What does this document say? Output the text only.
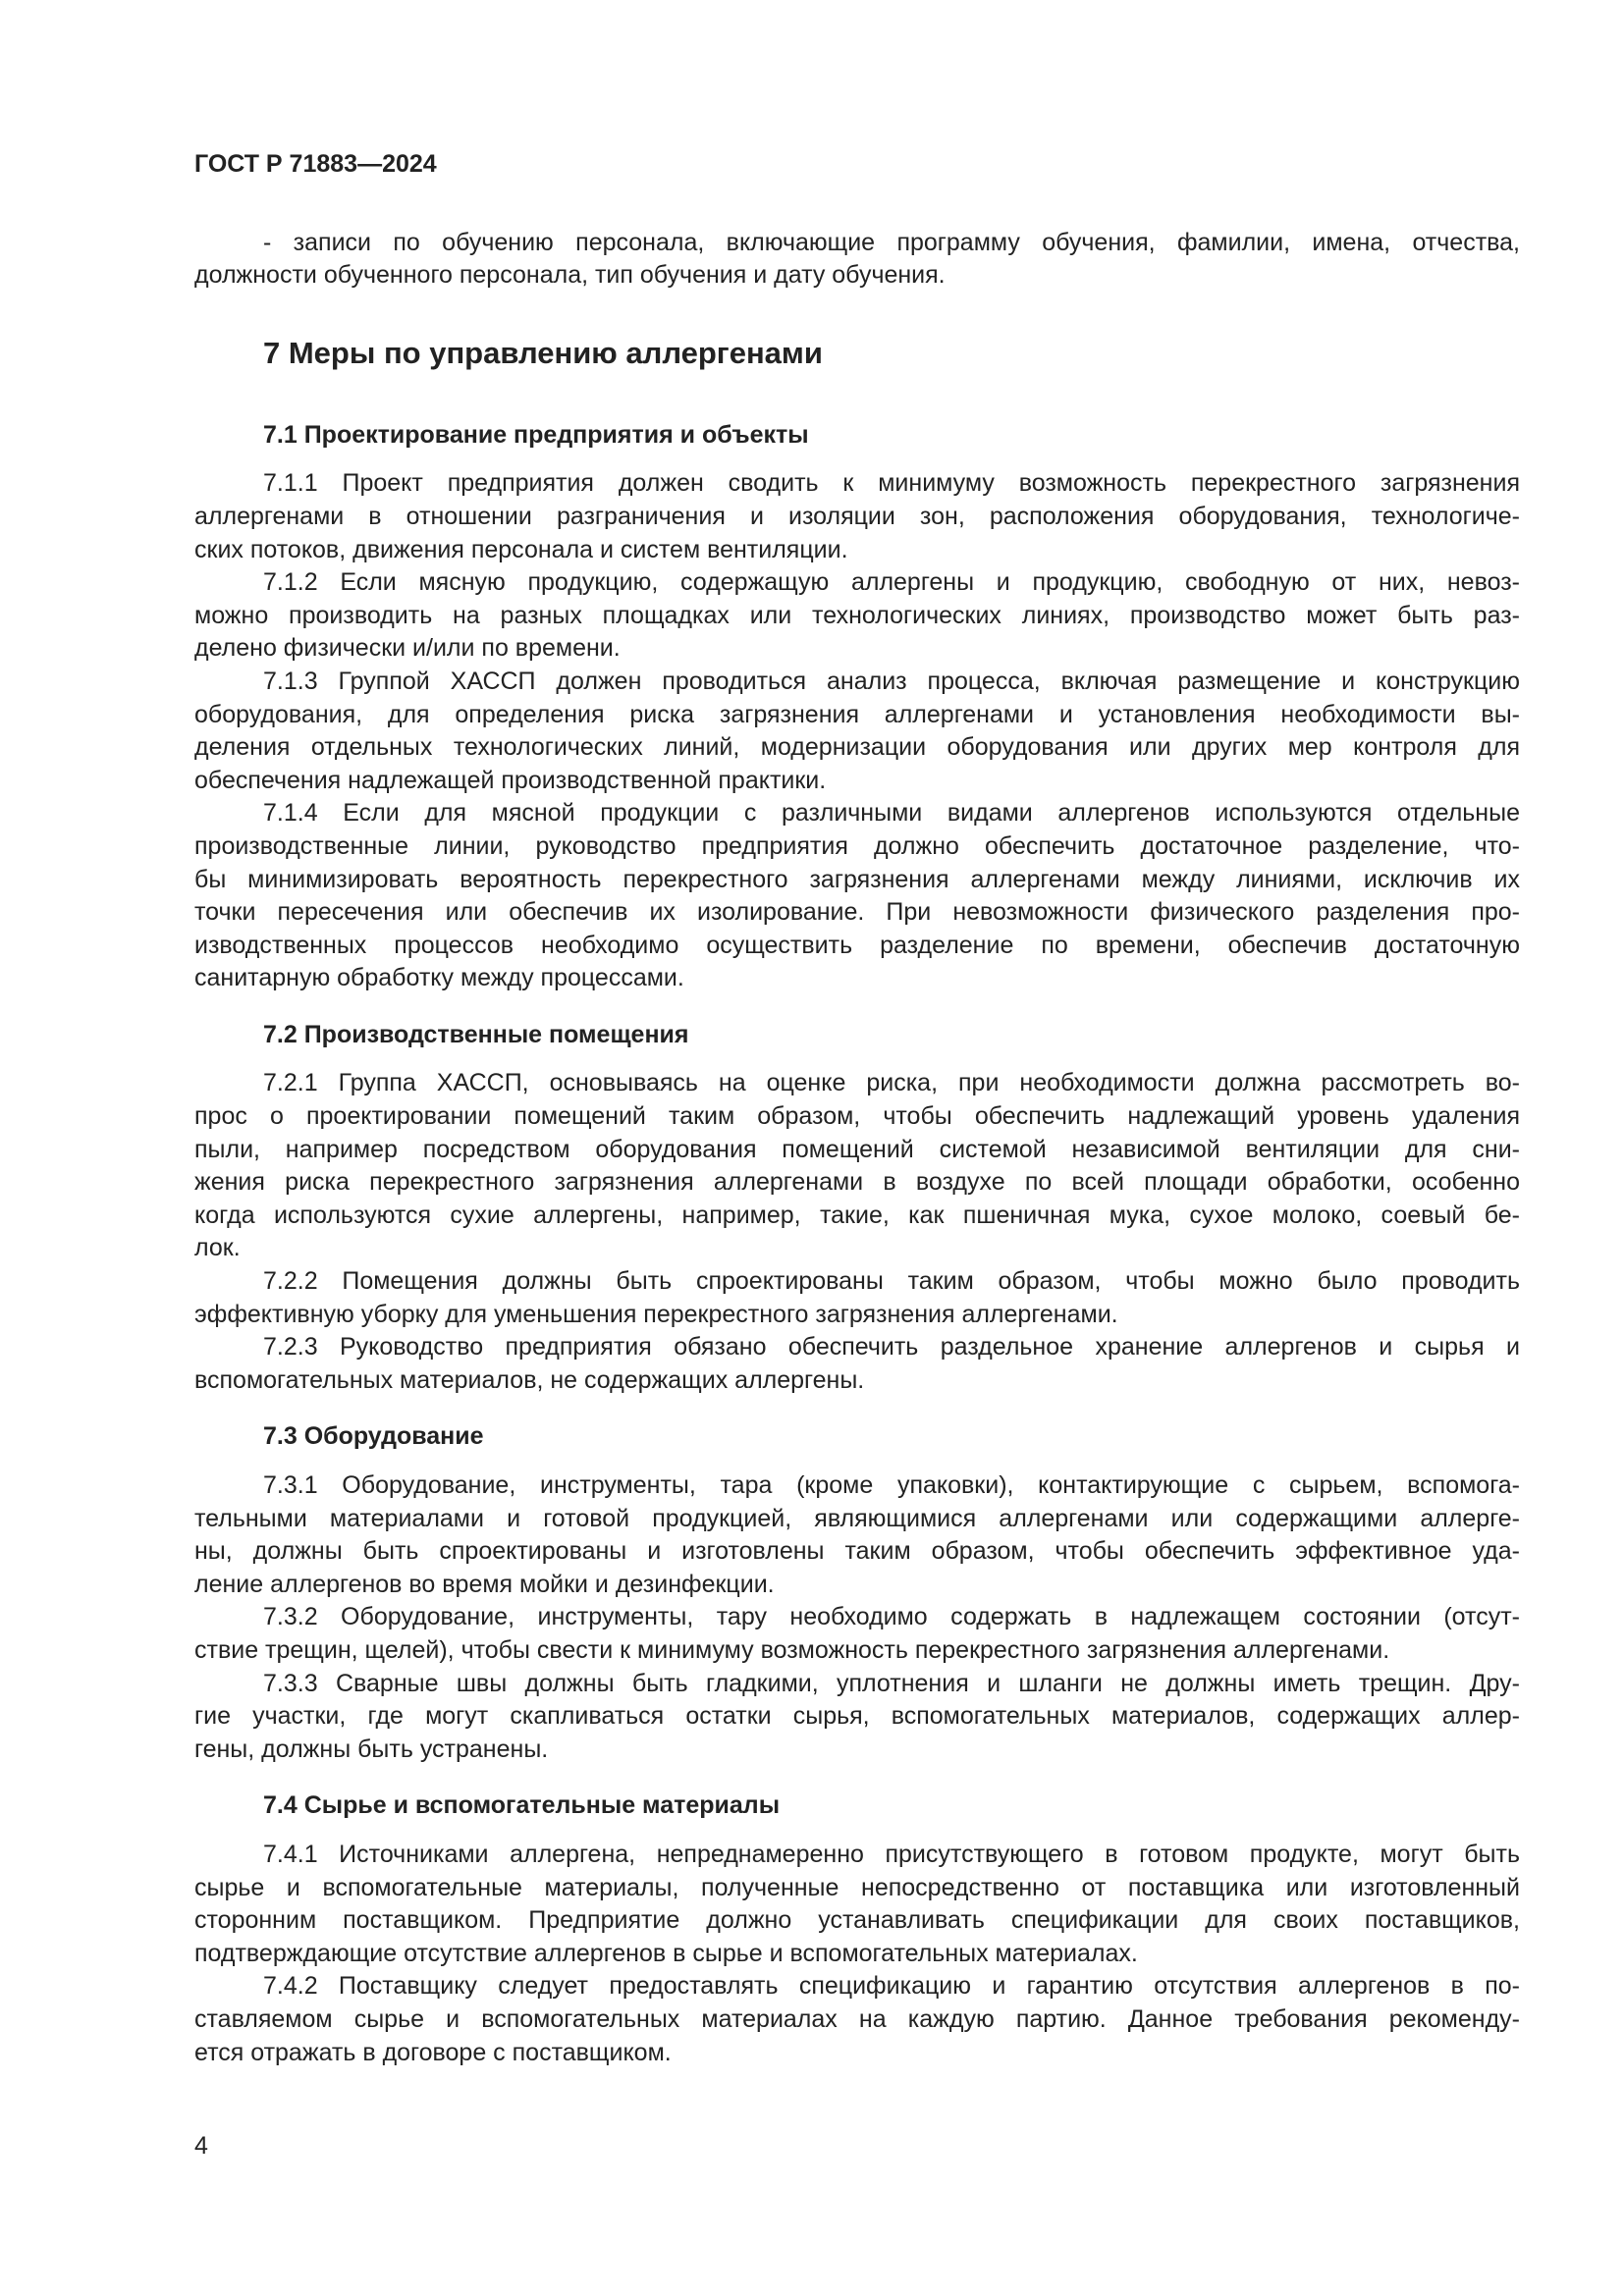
ГОСТ Р 71883—2024
- записи по обучению персонала, включающие программу обучения, фамилии, имена, отчества,
должности обученного персонала, тип обучения и дату обучения.
7 Меры по управлению аллергенами
7.1 Проектирование предприятия и объекты
7.1.1 Проект предприятия должен сводить к минимуму возможность перекрестного загрязнения
аллергенами в отношении разграничения и изоляции зон, расположения оборудования, технологиче-
ских потоков, движения персонала и систем вентиляции.
7.1.2 Если мясную продукцию, содержащую аллергены и продукцию, свободную от них, невоз-
можно производить на разных площадках или технологических линиях, производство может быть раз-
делено физически и/или по времени.
7.1.3 Группой ХАССП должен проводиться анализ процесса, включая размещение и конструкцию
оборудования, для определения риска загрязнения аллергенами и установления необходимости вы-
деления отдельных технологических линий, модернизации оборудования или других мер контроля для
обеспечения надлежащей производственной практики.
7.1.4 Если для мясной продукции с различными видами аллергенов используются отдельные
производственные линии, руководство предприятия должно обеспечить достаточное разделение, что-
бы минимизировать вероятность перекрестного загрязнения аллергенами между линиями, исключив их
точки пересечения или обеспечив их изолирование. При невозможности физического разделения про-
изводственных процессов необходимо осуществить разделение по времени, обеспечив достаточную
санитарную обработку между процессами.
7.2 Производственные помещения
7.2.1 Группа ХАССП, основываясь на оценке риска, при необходимости должна рассмотреть во-
прос о проектировании помещений таким образом, чтобы обеспечить надлежащий уровень удаления
пыли, например посредством оборудования помещений системой независимой вентиляции для сни-
жения риска перекрестного загрязнения аллергенами в воздухе по всей площади обработки, особенно
когда используются сухие аллергены, например, такие, как пшеничная мука, сухое молоко, соевый бе-
лок.
7.2.2 Помещения должны быть спроектированы таким образом, чтобы можно было проводить
эффективную уборку для уменьшения перекрестного загрязнения аллергенами.
7.2.3 Руководство предприятия обязано обеспечить раздельное хранение аллергенов и сырья и
вспомогательных материалов, не содержащих аллергены.
7.3 Оборудование
7.3.1 Оборудование, инструменты, тара (кроме упаковки), контактирующие с сырьем, вспомога-
тельными материалами и готовой продукцией, являющимися аллергенами или содержащими аллерге-
ны, должны быть спроектированы и изготовлены таким образом, чтобы обеспечить эффективное уда-
ление аллергенов во время мойки и дезинфекции.
7.3.2 Оборудование, инструменты, тару необходимо содержать в надлежащем состоянии (отсут-
ствие трещин, щелей), чтобы свести к минимуму возможность перекрестного загрязнения аллергенами.
7.3.3 Сварные швы должны быть гладкими, уплотнения и шланги не должны иметь трещин. Дру-
гие участки, где могут скапливаться остатки сырья, вспомогательных материалов, содержащих аллер-
гены, должны быть устранены.
7.4 Сырье и вспомогательные материалы
7.4.1 Источниками аллергена, непреднамеренно присутствующего в готовом продукте, могут быть
сырье и вспомогательные материалы, полученные непосредственно от поставщика или изготовленный
сторонним поставщиком. Предприятие должно устанавливать спецификации для своих поставщиков,
подтверждающие отсутствие аллергенов в сырье и вспомогательных материалах.
7.4.2 Поставщику следует предоставлять спецификацию и гарантию отсутствия аллергенов в по-
ставляемом сырье и вспомогательных материалах на каждую партию. Данное требования рекоменду-
ется отражать в договоре с поставщиком.
4
